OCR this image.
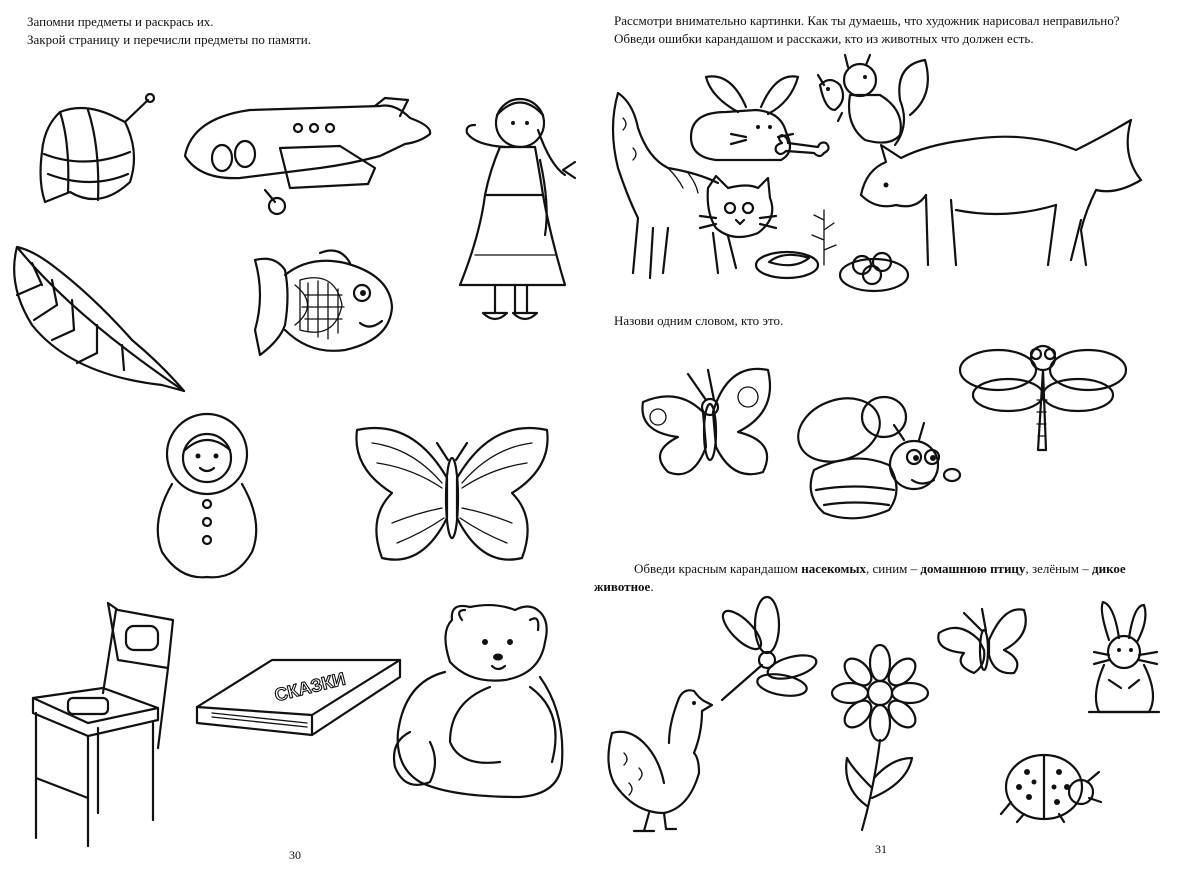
Запомни предметы и раскрась их.
Закрой страницу и перечисли предметы по памяти.
СКАЗКИ
30
Рассмотри внимательно картинки. Как ты думаешь, что художник нарисовал неправильно?
Обведи ошибки карандашом и расскажи, кто из животных что должен есть.
Назови одним словом, кто это.
Обведи красным карандашом насекомых, синим – домашнюю птицу, зелёным – дикое
животное.
31
